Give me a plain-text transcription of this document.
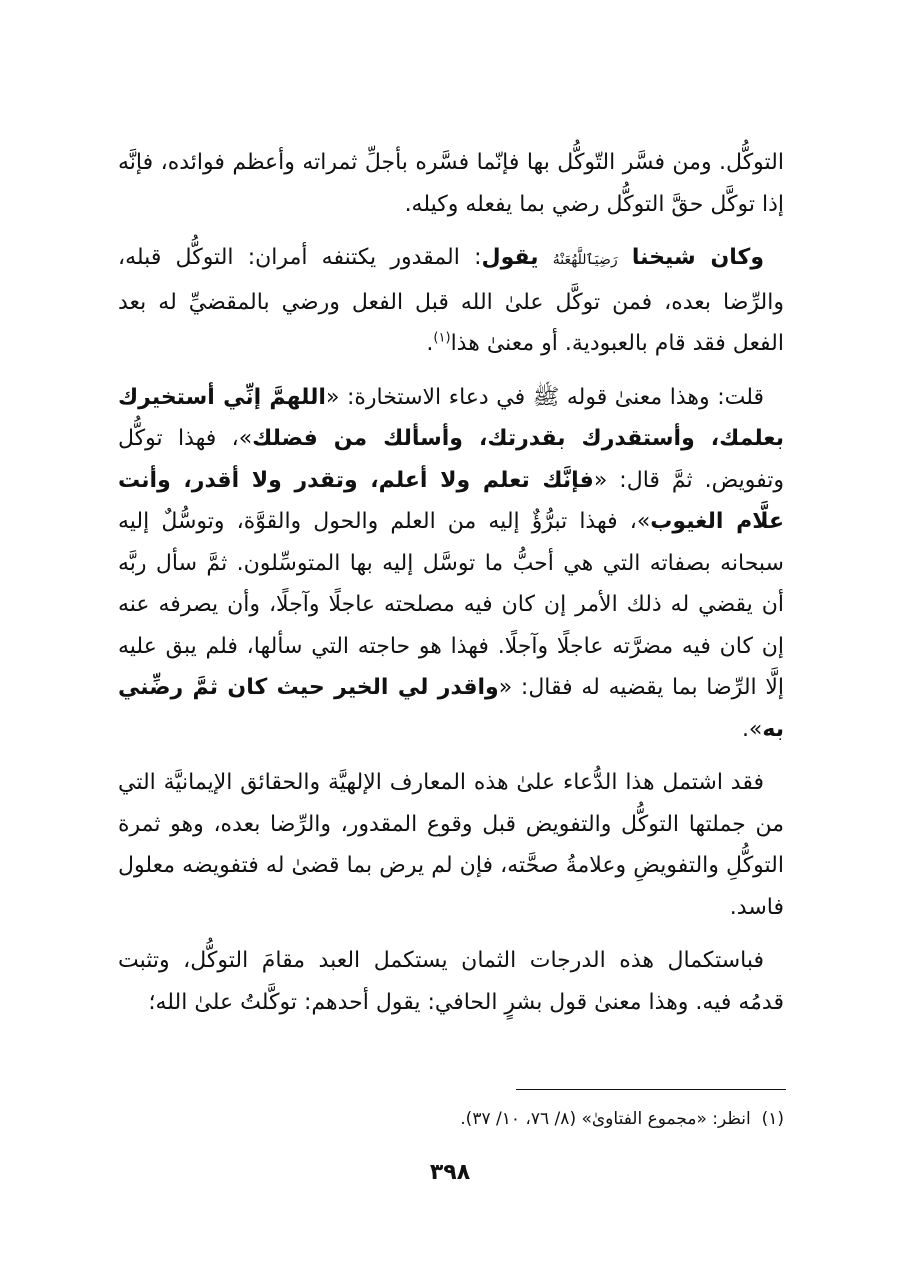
التوكُّل. ومن فسَّر التّوكُّل بها فإنّما فسَّره بأجلِّ ثمراته وأعظم فوائده، فإنَّه إذا توكَّل حقَّ التوكُّل رضي بما يفعله وكيله.

وكان شيخنا رَضِيَٱللَّهُعَنْهُ يقول: المقدور يكتنفه أمران: التوكُّل قبله، والرِّضا بعده، فمن توكَّل علىٰ الله قبل الفعل ورضي بالمقضيِّ له بعد الفعل فقد قام بالعبودية. أو معنىٰ هذا$^{(١)}$.

قلت: وهذا معنىٰ قوله ﷺ في دعاء الاستخارة: «اللهمَّ إنِّي أستخيرك بعلمك، وأستقدرك بقدرتك، وأسألك من فضلك»، فهذا توكُّل وتفويض. ثمَّ قال: «فإنَّك تعلم ولا أعلم، وتقدر ولا أقدر، وأنت علَّام الغيوب»، فهذا تبرُّؤٌ إليه من العلم والحول والقوَّة، وتوسُّلٌ إليه سبحانه بصفاته التي هي أحبُّ ما توسَّل إليه بها المتوسِّلون. ثمَّ سأل ربَّه أن يقضي له ذلك الأمر إن كان فيه مصلحته عاجلًا وآجلًا، وأن يصرفه عنه إن كان فيه مضرَّته عاجلًا وآجلًا. فهذا هو حاجته التي سألها، فلم يبق عليه إلَّا الرِّضا بما يقضيه له فقال: «واقدر لي الخير حيث كان ثمَّ رضِّني به».

فقد اشتمل هذا الدُّعاء علىٰ هذه المعارف الإلهيَّة والحقائق الإيمانيَّة التي من جملتها التوكُّل والتفويض قبل وقوع المقدور، والرِّضا بعده، وهو ثمرة التوكُّلِ والتفويضِ وعلامةُ صحَّته، فإن لم يرض بما قضىٰ له فتفويضه معلول فاسد.

فباستكمال هذه الدرجات الثمان يستكمل العبد مقامَ التوكُّل، وتثبت قدمُه فيه. وهذا معنىٰ قول بشرٍ الحافي: يقول أحدهم: توكَّلتُ علىٰ الله؛

(١)  انظر: «مجموع الفتاوىٰ» (٨/ ٧٦، ١٠/ ٣٧).
٣٩٨
